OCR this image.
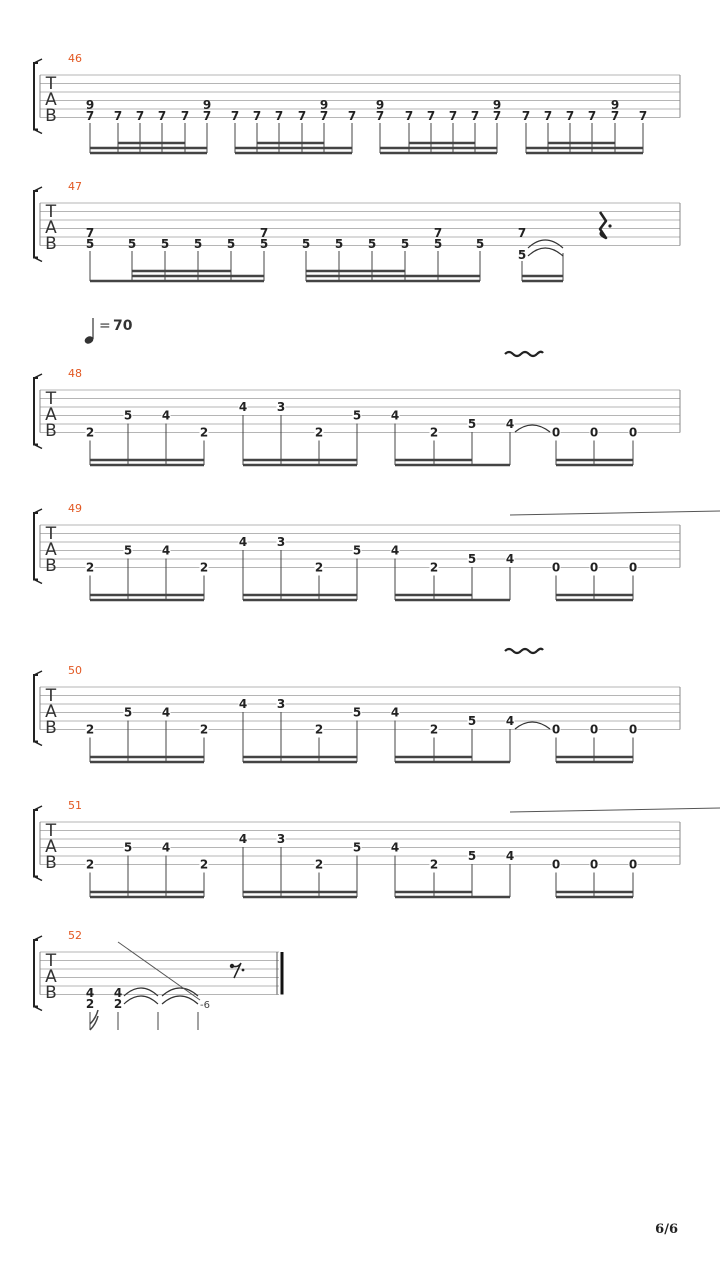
T
A
B
9
7 7 7 7 7
9
7 7 7 7 7
9
7 7
9
7 7 7 7 7
9
7 7 7 7 7
9
7 7
T
A
B
7
5	5 5 5 5
7
5	5 5 5 5
7
5	5
7
5
T
A
B 2
5 4
2
4 3
2
5 4
2
5 4
0 0	0
T
A
B 2
5 4
2
4 3
2
5 4
2
5 4
0 0	0
T
A
B 2
5 4
2
4 3
2
5 4
2
5 4
0 0	0
T
A
B 2
5 4
2
4 3
2
5 4
2
5 4
0 0	0
T
A
B 4
2
4
2	-6
= 70
6/6
46
47
48
49
50
51
52
